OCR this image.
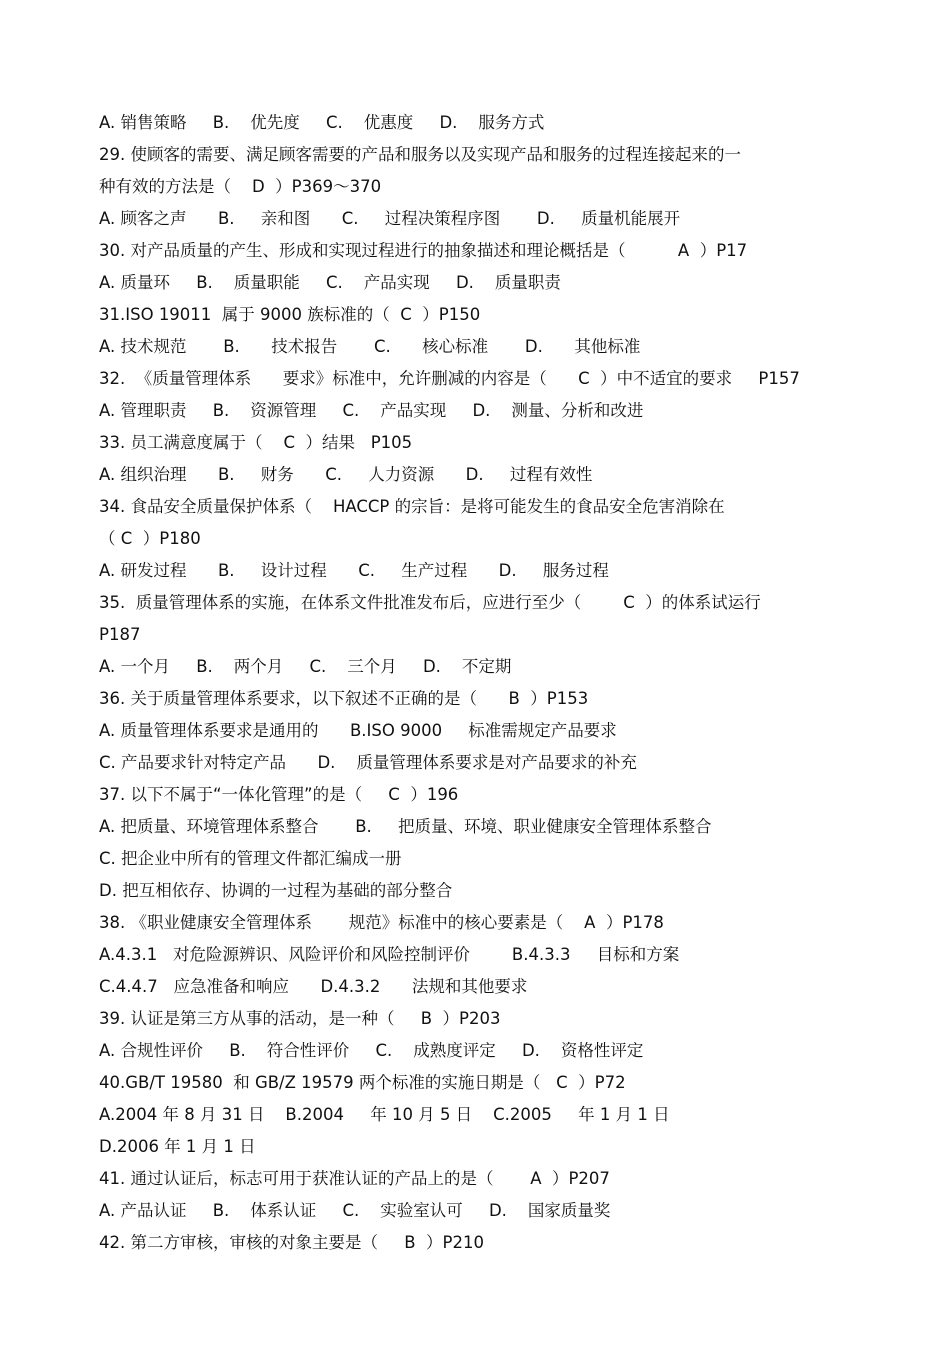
A. 销售策略     B.    优先度     C.    优惠度     D.    服务方式
29. 使顾客的需要、满足顾客需要的产品和服务以及实现产品和服务的过程连接起来的一
种有效的方法是（    D  ）P369～370
A. 顾客之声      B.     亲和图      C.     过程决策程序图       D.     质量机能展开
30. 对产品质量的产生、形成和实现过程进行的抽象描述和理论概括是（          A  ）P17
A. 质量环     B.    质量职能     C.    产品实现     D.    质量职责
31.ISO 19011  属于 9000 族标准的（  C  ）P150
A. 技术规范       B.      技术报告       C.      核心标准       D.      其他标准
32.  《质量管理体系      要求》标准中，允许删减的内容是（      C  ）中不适宜的要求     P157
A. 管理职责     B.    资源管理     C.    产品实现     D.    测量、分析和改进
33. 员工满意度属于（    C  ）结果   P105
A. 组织治理      B.     财务      C.     人力资源      D.     过程有效性
34. 食品安全质量保护体系（    HACCP 的宗旨：是将可能发生的食品安全危害消除在
（ C  ）P180
A. 研发过程      B.     设计过程      C.     生产过程      D.     服务过程
35.  质量管理体系的实施，在体系文件批准发布后，应进行至少（        C  ）的体系试运行
P187
A. 一个月     B.    两个月     C.    三个月     D.    不定期
36. 关于质量管理体系要求，以下叙述不正确的是（      B  ）P153
A. 质量管理体系要求是通用的      B.ISO 9000     标准需规定产品要求
C. 产品要求针对特定产品      D.    质量管理体系要求是对产品要求的补充
37. 以下不属于“一体化管理”的是（     C  ）196
A. 把质量、环境管理体系整合       B.     把质量、环境、职业健康安全管理体系整合
C. 把企业中所有的管理文件都汇编成一册
D. 把互相依存、协调的一过程为基础的部分整合
38. 《职业健康安全管理体系       规范》标准中的核心要素是（    A  ）P178
A.4.3.1   对危险源辨识、风险评价和风险控制评价        B.4.3.3     目标和方案
C.4.4.7   应急准备和响应      D.4.3.2      法规和其他要求
39. 认证是第三方从事的活动，是一种（     B  ）P203
A. 合规性评价     B.    符合性评价     C.    成熟度评定     D.    资格性评定
40.GB/T 19580  和 GB/Z 19579 两个标准的实施日期是（   C  ）P72
A.2004 年 8 月 31 日    B.2004     年 10 月 5 日    C.2005     年 1 月 1 日
D.2006 年 1 月 1 日
41. 通过认证后，标志可用于获准认证的产品上的是（       A  ）P207
A. 产品认证     B.    体系认证     C.    实验室认可     D.    国家质量奖
42. 第二方审核，审核的对象主要是（     B  ）P210
